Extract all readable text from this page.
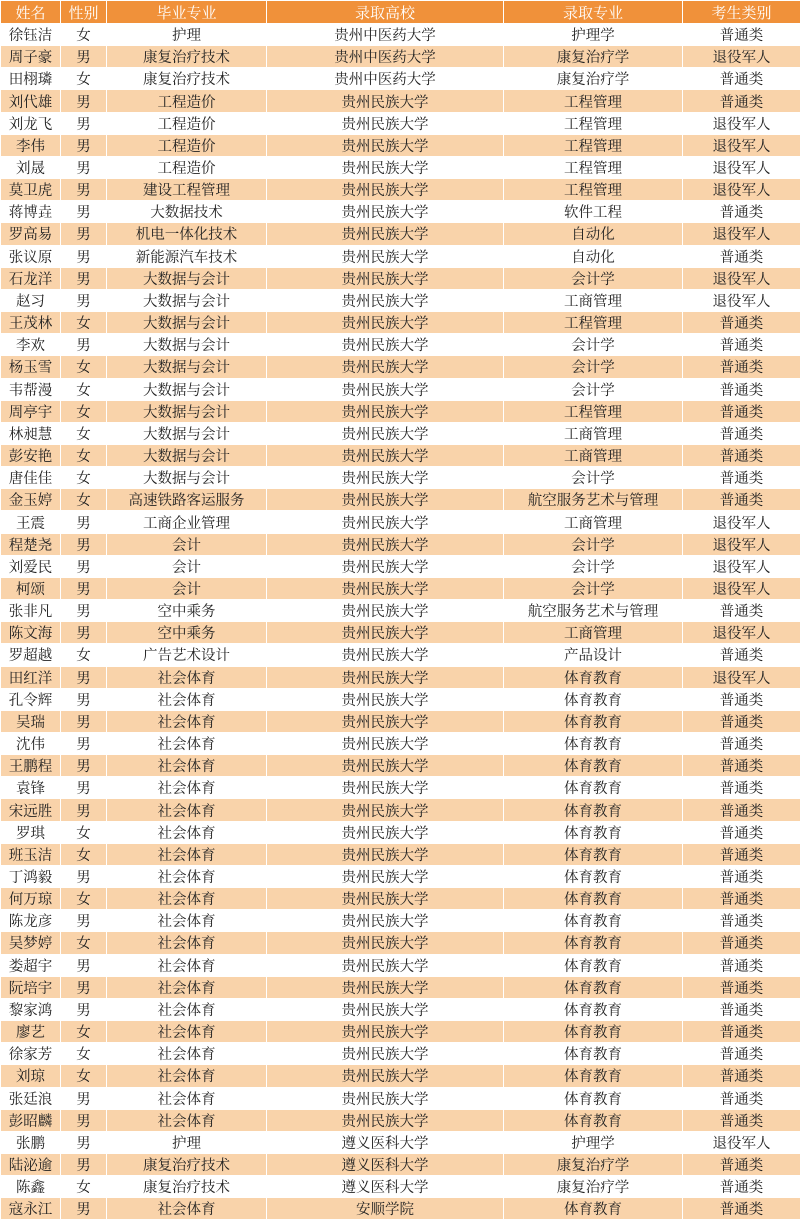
姓名	性别	毕业专业	录取高校	录取专业	考生类别
徐钰洁	女	护理	贵州中医药大学	护理学	普通类
周子豪	男	康复治疗技术	贵州中医药大学	康复治疗学	退役军人
田栩璘	女	康复治疗技术	贵州中医药大学	康复治疗学	普通类
刘代雄	男	工程造价	贵州民族大学	工程管理	普通类
刘龙飞	男	工程造价	贵州民族大学	工程管理	退役军人
李伟	男	工程造价	贵州民族大学	工程管理	退役军人
刘晟	男	工程造价	贵州民族大学	工程管理	退役军人
莫卫虎	男	建设工程管理	贵州民族大学	工程管理	退役军人
蒋博垚	男	大数据技术	贵州民族大学	软件工程	普通类
罗高易	男	机电一体化技术	贵州民族大学	自动化	退役军人
张议原	男	新能源汽车技术	贵州民族大学	自动化	普通类
石龙洋	男	大数据与会计	贵州民族大学	会计学	退役军人
赵习	男	大数据与会计	贵州民族大学	工商管理	退役军人
王茂林	女	大数据与会计	贵州民族大学	工程管理	普通类
李欢	男	大数据与会计	贵州民族大学	会计学	普通类
杨玉雪	女	大数据与会计	贵州民族大学	会计学	普通类
韦帮漫	女	大数据与会计	贵州民族大学	会计学	普通类
周亭宇	女	大数据与会计	贵州民族大学	工程管理	普通类
林昶慧	女	大数据与会计	贵州民族大学	工商管理	普通类
彭安艳	女	大数据与会计	贵州民族大学	工商管理	普通类
唐佳佳	女	大数据与会计	贵州民族大学	会计学	普通类
金玉婷	女	高速铁路客运服务	贵州民族大学	航空服务艺术与管理	普通类
王震	男	工商企业管理	贵州民族大学	工商管理	退役军人
程楚尧	男	会计	贵州民族大学	会计学	退役军人
刘爱民	男	会计	贵州民族大学	会计学	退役军人
柯颂	男	会计	贵州民族大学	会计学	退役军人
张非凡	男	空中乘务	贵州民族大学	航空服务艺术与管理	普通类
陈文海	男	空中乘务	贵州民族大学	工商管理	退役军人
罗超越	女	广告艺术设计	贵州民族大学	产品设计	普通类
田红洋	男	社会体育	贵州民族大学	体育教育	退役军人
孔令辉	男	社会体育	贵州民族大学	体育教育	普通类
吴瑞	男	社会体育	贵州民族大学	体育教育	普通类
沈伟	男	社会体育	贵州民族大学	体育教育	普通类
王鹏程	男	社会体育	贵州民族大学	体育教育	普通类
袁锋	男	社会体育	贵州民族大学	体育教育	普通类
宋远胜	男	社会体育	贵州民族大学	体育教育	普通类
罗琪	女	社会体育	贵州民族大学	体育教育	普通类
班玉洁	女	社会体育	贵州民族大学	体育教育	普通类
丁鸿毅	男	社会体育	贵州民族大学	体育教育	普通类
何万琼	女	社会体育	贵州民族大学	体育教育	普通类
陈龙彦	男	社会体育	贵州民族大学	体育教育	普通类
吴梦婷	女	社会体育	贵州民族大学	体育教育	普通类
娄超宇	男	社会体育	贵州民族大学	体育教育	普通类
阮培宇	男	社会体育	贵州民族大学	体育教育	普通类
黎家鸿	男	社会体育	贵州民族大学	体育教育	普通类
廖艺	女	社会体育	贵州民族大学	体育教育	普通类
徐家芳	女	社会体育	贵州民族大学	体育教育	普通类
刘琼	女	社会体育	贵州民族大学	体育教育	普通类
张廷浪	男	社会体育	贵州民族大学	体育教育	普通类
彭昭麟	男	社会体育	贵州民族大学	体育教育	普通类
张鹏	男	护理	遵义医科大学	护理学	退役军人
陆泌逾	男	康复治疗技术	遵义医科大学	康复治疗学	普通类
陈鑫	女	康复治疗技术	遵义医科大学	康复治疗学	普通类
寇永江	男	社会体育	安顺学院	体育教育	普通类
